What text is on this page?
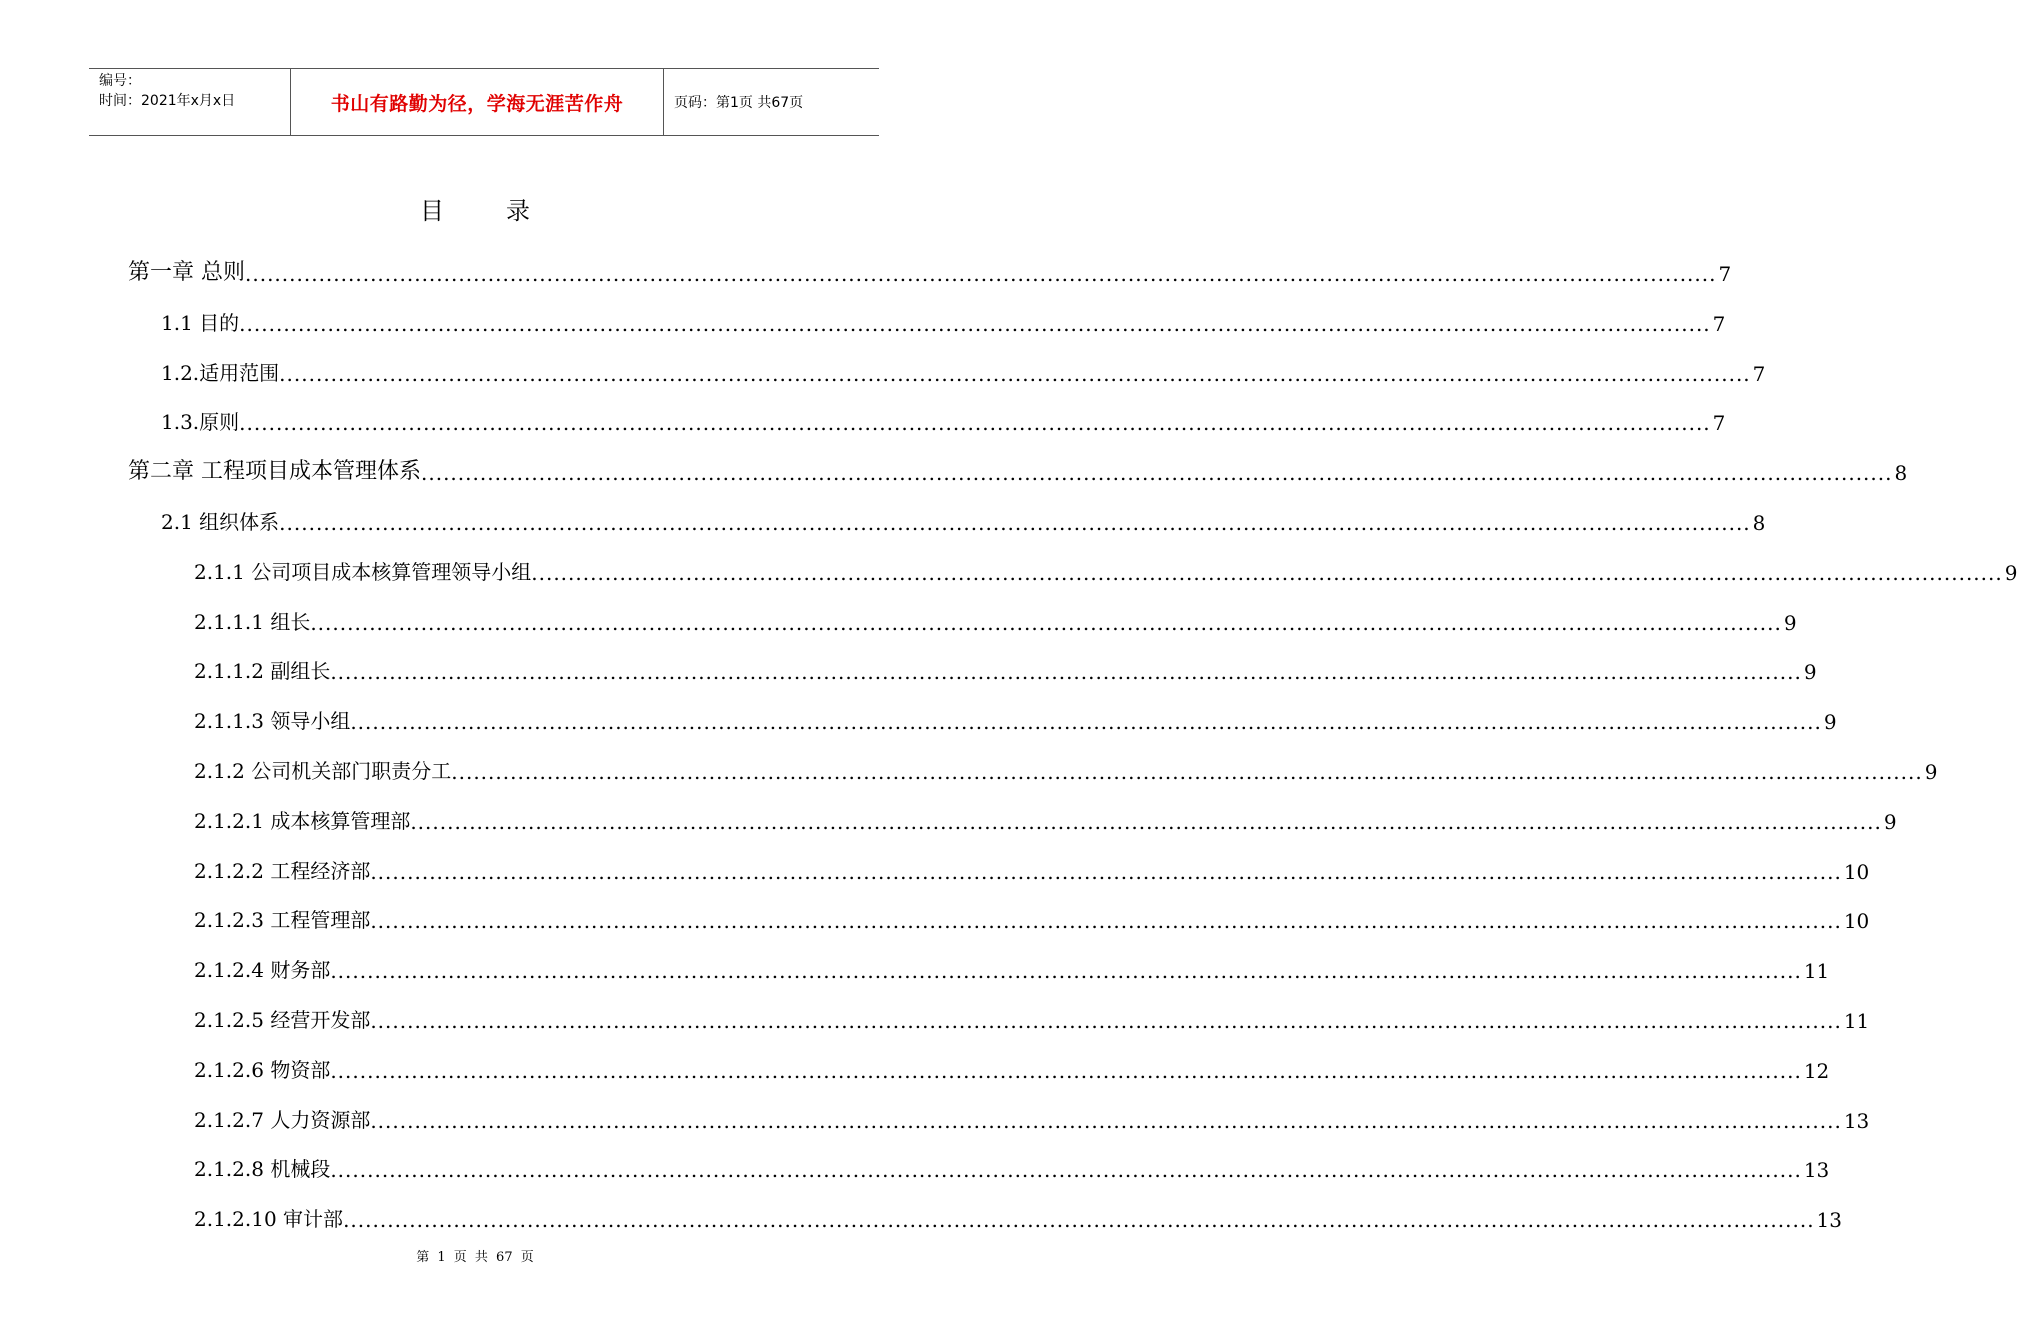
编号：
时间：2021年x月x日	书山有路勤为径，学海无涯苦作舟	页码：第1页 共67页
目录
第一章 总则 ........................................................................................................................................................................................................ 7
1.1 目的 ........................................................................................................................................................................................................ 7
1.2.适用范围 ........................................................................................................................................................................................................ 7
1.3.原则 ........................................................................................................................................................................................................ 7
第二章 工程项目成本管理体系 ........................................................................................................................................................................................................ 8
2.1 组织体系 ........................................................................................................................................................................................................ 8
2.1.1 公司项目成本核算管理领导小组 ........................................................................................................................................................................................................ 9
2.1.1.1 组长 ........................................................................................................................................................................................................ 9
2.1.1.2 副组长 ........................................................................................................................................................................................................ 9
2.1.1.3 领导小组 ........................................................................................................................................................................................................ 9
2.1.2 公司机关部门职责分工 ........................................................................................................................................................................................................ 9
2.1.2.1 成本核算管理部 ........................................................................................................................................................................................................ 9
2.1.2.2 工程经济部 ........................................................................................................................................................................................................ 10
2.1.2.3 工程管理部 ........................................................................................................................................................................................................ 10
2.1.2.4 财务部 ........................................................................................................................................................................................................ 11
2.1.2.5 经营开发部 ........................................................................................................................................................................................................ 11
2.1.2.6 物资部 ........................................................................................................................................................................................................ 12
2.1.2.7 人力资源部 ........................................................................................................................................................................................................ 13
2.1.2.8 机械段 ........................................................................................................................................................................................................ 13
2.1.2.10 审计部 ........................................................................................................................................................................................................ 13
第 1 页 共 67 页
